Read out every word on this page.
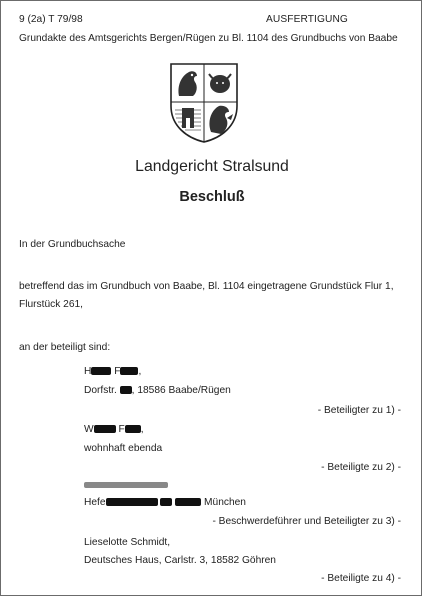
9 (2a) T 79/98	AUSFERTIGUNG
Grundakte des Amtsgerichts Bergen/Rügen zu Bl. 1104 des Grundbuchs von Baabe
Landgericht Stralsund
Beschluß
In der Grundbuchsache
betreffend das im Grundbuch von Baabe, Bl. 1104 eingetragene Grundstück Flur 1,
Flurstück 261,
an der beteiligt sind:
H F ,
Dorfstr. , 18586 Baabe/Rügen
- Beteiligter zu 1) -
W F ,
wohnhaft ebenda
- Beteiligte zu 2) -
Hefe	München
- Beschwerdeführer und Beteiligter zu 3) -
Lieselotte Schmidt,
Deutsches Haus, Carlstr. 3, 18582 Göhren
- Beteiligte zu 4) -
